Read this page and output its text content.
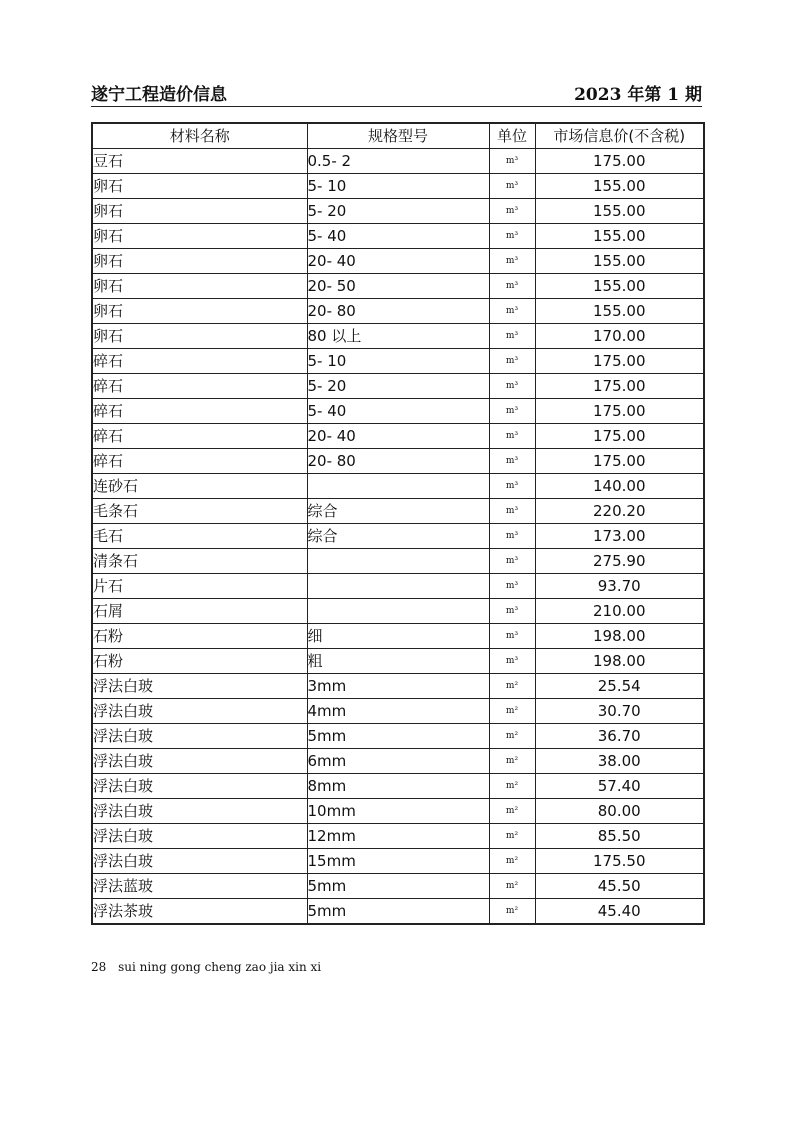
遂宁工程造价信息	2023 年第 1 期
材料名称	规格型号	单位	市场信息价(不含税)
豆石	0.5- 2	m³	175.00
卵石	5- 10	m³	155.00
卵石	5- 20	m³	155.00
卵石	5- 40	m³	155.00
卵石	20- 40	m³	155.00
卵石	20- 50	m³	155.00
卵石	20- 80	m³	155.00
卵石	80 以上	m³	170.00
碎石	5- 10	m³	175.00
碎石	5- 20	m³	175.00
碎石	5- 40	m³	175.00
碎石	20- 40	m³	175.00
碎石	20- 80	m³	175.00
连砂石		m³	140.00
毛条石	综合	m³	220.20
毛石	综合	m³	173.00
清条石		m³	275.90
片石		m³	93.70
石屑		m³	210.00
石粉	细	m³	198.00
石粉	粗	m³	198.00
浮法白玻	3mm	m²	25.54
浮法白玻	4mm	m²	30.70
浮法白玻	5mm	m²	36.70
浮法白玻	6mm	m²	38.00
浮法白玻	8mm	m²	57.40
浮法白玻	10mm	m²	80.00
浮法白玻	12mm	m²	85.50
浮法白玻	15mm	m²	175.50
浮法蓝玻	5mm	m²	45.50
浮法茶玻	5mm	m²	45.40
28 sui ning gong cheng zao jia xin xi
